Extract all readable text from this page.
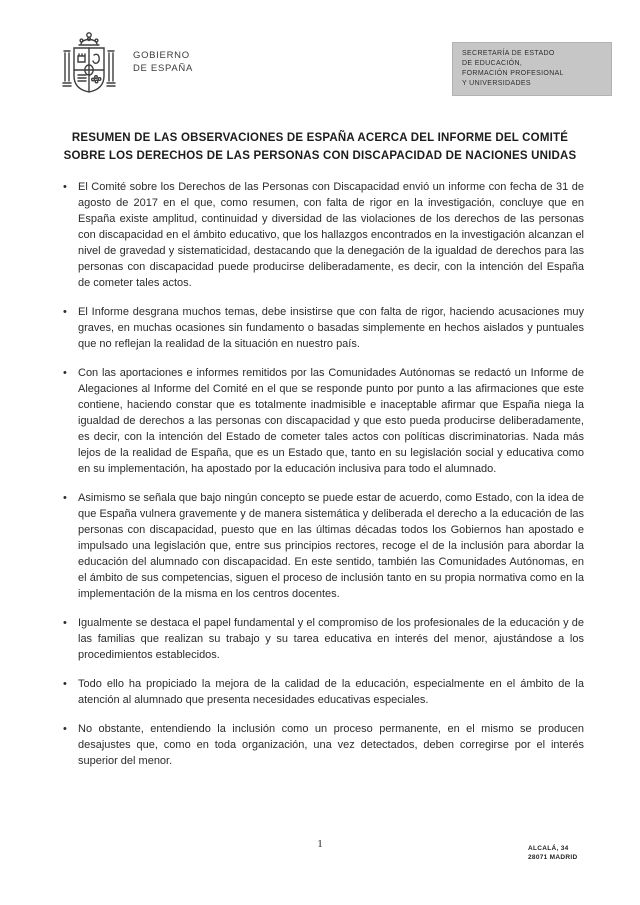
GOBIERNO
DE ESPAÑA
SECRETARÍA DE ESTADO
DE EDUCACIÓN,
FORMACIÓN PROFESIONAL
Y UNIVERSIDADES
RESUMEN DE LAS OBSERVACIONES DE ESPAÑA ACERCA DEL INFORME DEL COMITÉ SOBRE LOS DERECHOS DE LAS PERSONAS CON DISCAPACIDAD DE NACIONES UNIDAS
• El Comité sobre los Derechos de las Personas con Discapacidad envió un informe con fecha de 31 de agosto de 2017 en el que, como resumen, con falta de rigor en la investigación, concluye que en España existe amplitud, continuidad y diversidad de las violaciones de los derechos de las personas con discapacidad en el ámbito educativo, que los hallazgos encontrados en la investigación alcanzan el nivel de gravedad y sistematicidad, destacando que la denegación de la igualdad de derechos para las personas con discapacidad puede producirse deliberadamente, es decir, con la intención del España de cometer tales actos.
• El Informe desgrana muchos temas, debe insistirse que con falta de rigor, haciendo acusaciones muy graves, en muchas ocasiones sin fundamento o basadas simplemente en hechos aislados y puntuales que no reflejan la realidad de la situación en nuestro país.
• Con las aportaciones e informes remitidos por las Comunidades Autónomas se redactó un Informe de Alegaciones al Informe del Comité en el que se responde punto por punto a las afirmaciones que este contiene, haciendo constar que es totalmente inadmisible e inaceptable afirmar que España niega la igualdad de derechos a las personas con discapacidad y que esto pueda producirse deliberadamente, es decir, con la intención del Estado de cometer tales actos con políticas discriminatorias. Nada más lejos de la realidad de España, que es un Estado que, tanto en su legislación social y educativa como en su implementación, ha apostado por la educación inclusiva para todo el alumnado.
• Asimismo se señala que bajo ningún concepto se puede estar de acuerdo, como Estado, con la idea de que España vulnera gravemente y de manera sistemática y deliberada el derecho a la educación de las personas con discapacidad, puesto que en las últimas décadas todos los Gobiernos han apostado e impulsado una legislación que, entre sus principios rectores, recoge el de la inclusión para abordar la educación del alumnado con discapacidad. En este sentido, también las Comunidades Autónomas, en el ámbito de sus competencias, siguen el proceso de inclusión tanto en su propia normativa como en la implementación de la misma en los centros docentes.
• Igualmente se destaca el papel fundamental y el compromiso de los profesionales de la educación y de las familias que realizan su trabajo y su tarea educativa en interés del menor, ajustándose a los procedimientos establecidos.
• Todo ello ha propiciado la mejora de la calidad de la educación, especialmente en el ámbito de la atención al alumnado que presenta necesidades educativas especiales.
• No obstante, entendiendo la inclusión como un proceso permanente, en el mismo se producen desajustes que, como en toda organización, una vez detectados, deben corregirse por el interés superior del menor.
1	ALCALÁ, 34
28071 MADRID
